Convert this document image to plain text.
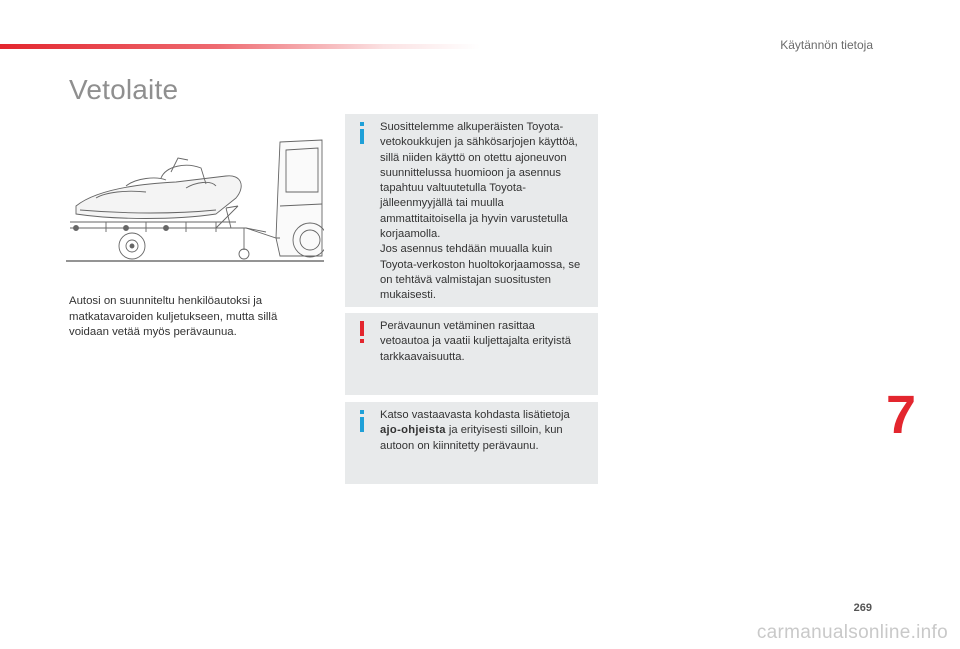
Käytännön tietoja
Vetolaite

Autosi on suunniteltu henkilöautoksi ja matkatavaroiden kuljetukseen, mutta sillä voidaan vetää myös perävaunua.

Suosittelemme alkuperäisten Toyota-vetokoukkujen ja sähkösarjojen käyttöä, sillä niiden käyttö on otettu ajoneuvon suunnittelussa huomioon ja asennus tapahtuu valtuutetulla Toyota-jälleenmyyjällä tai muulla ammattitaitoisella ja hyvin varustetulla korjaamolla.
Jos asennus tehdään muualla kuin Toyota-verkoston huoltokorjaamossa, se on tehtävä valmistajan suositusten mukaisesti.

Perävaunun vetäminen rasittaa vetoautoa ja vaatii kuljettajalta erityistä tarkkaavaisuutta.

Katso vastaavasta kohdasta lisätietoja ajo-ohjeista ja erityisesti silloin, kun autoon on kiinnitetty perävaunu.

7
269
carmanualsonline.info
